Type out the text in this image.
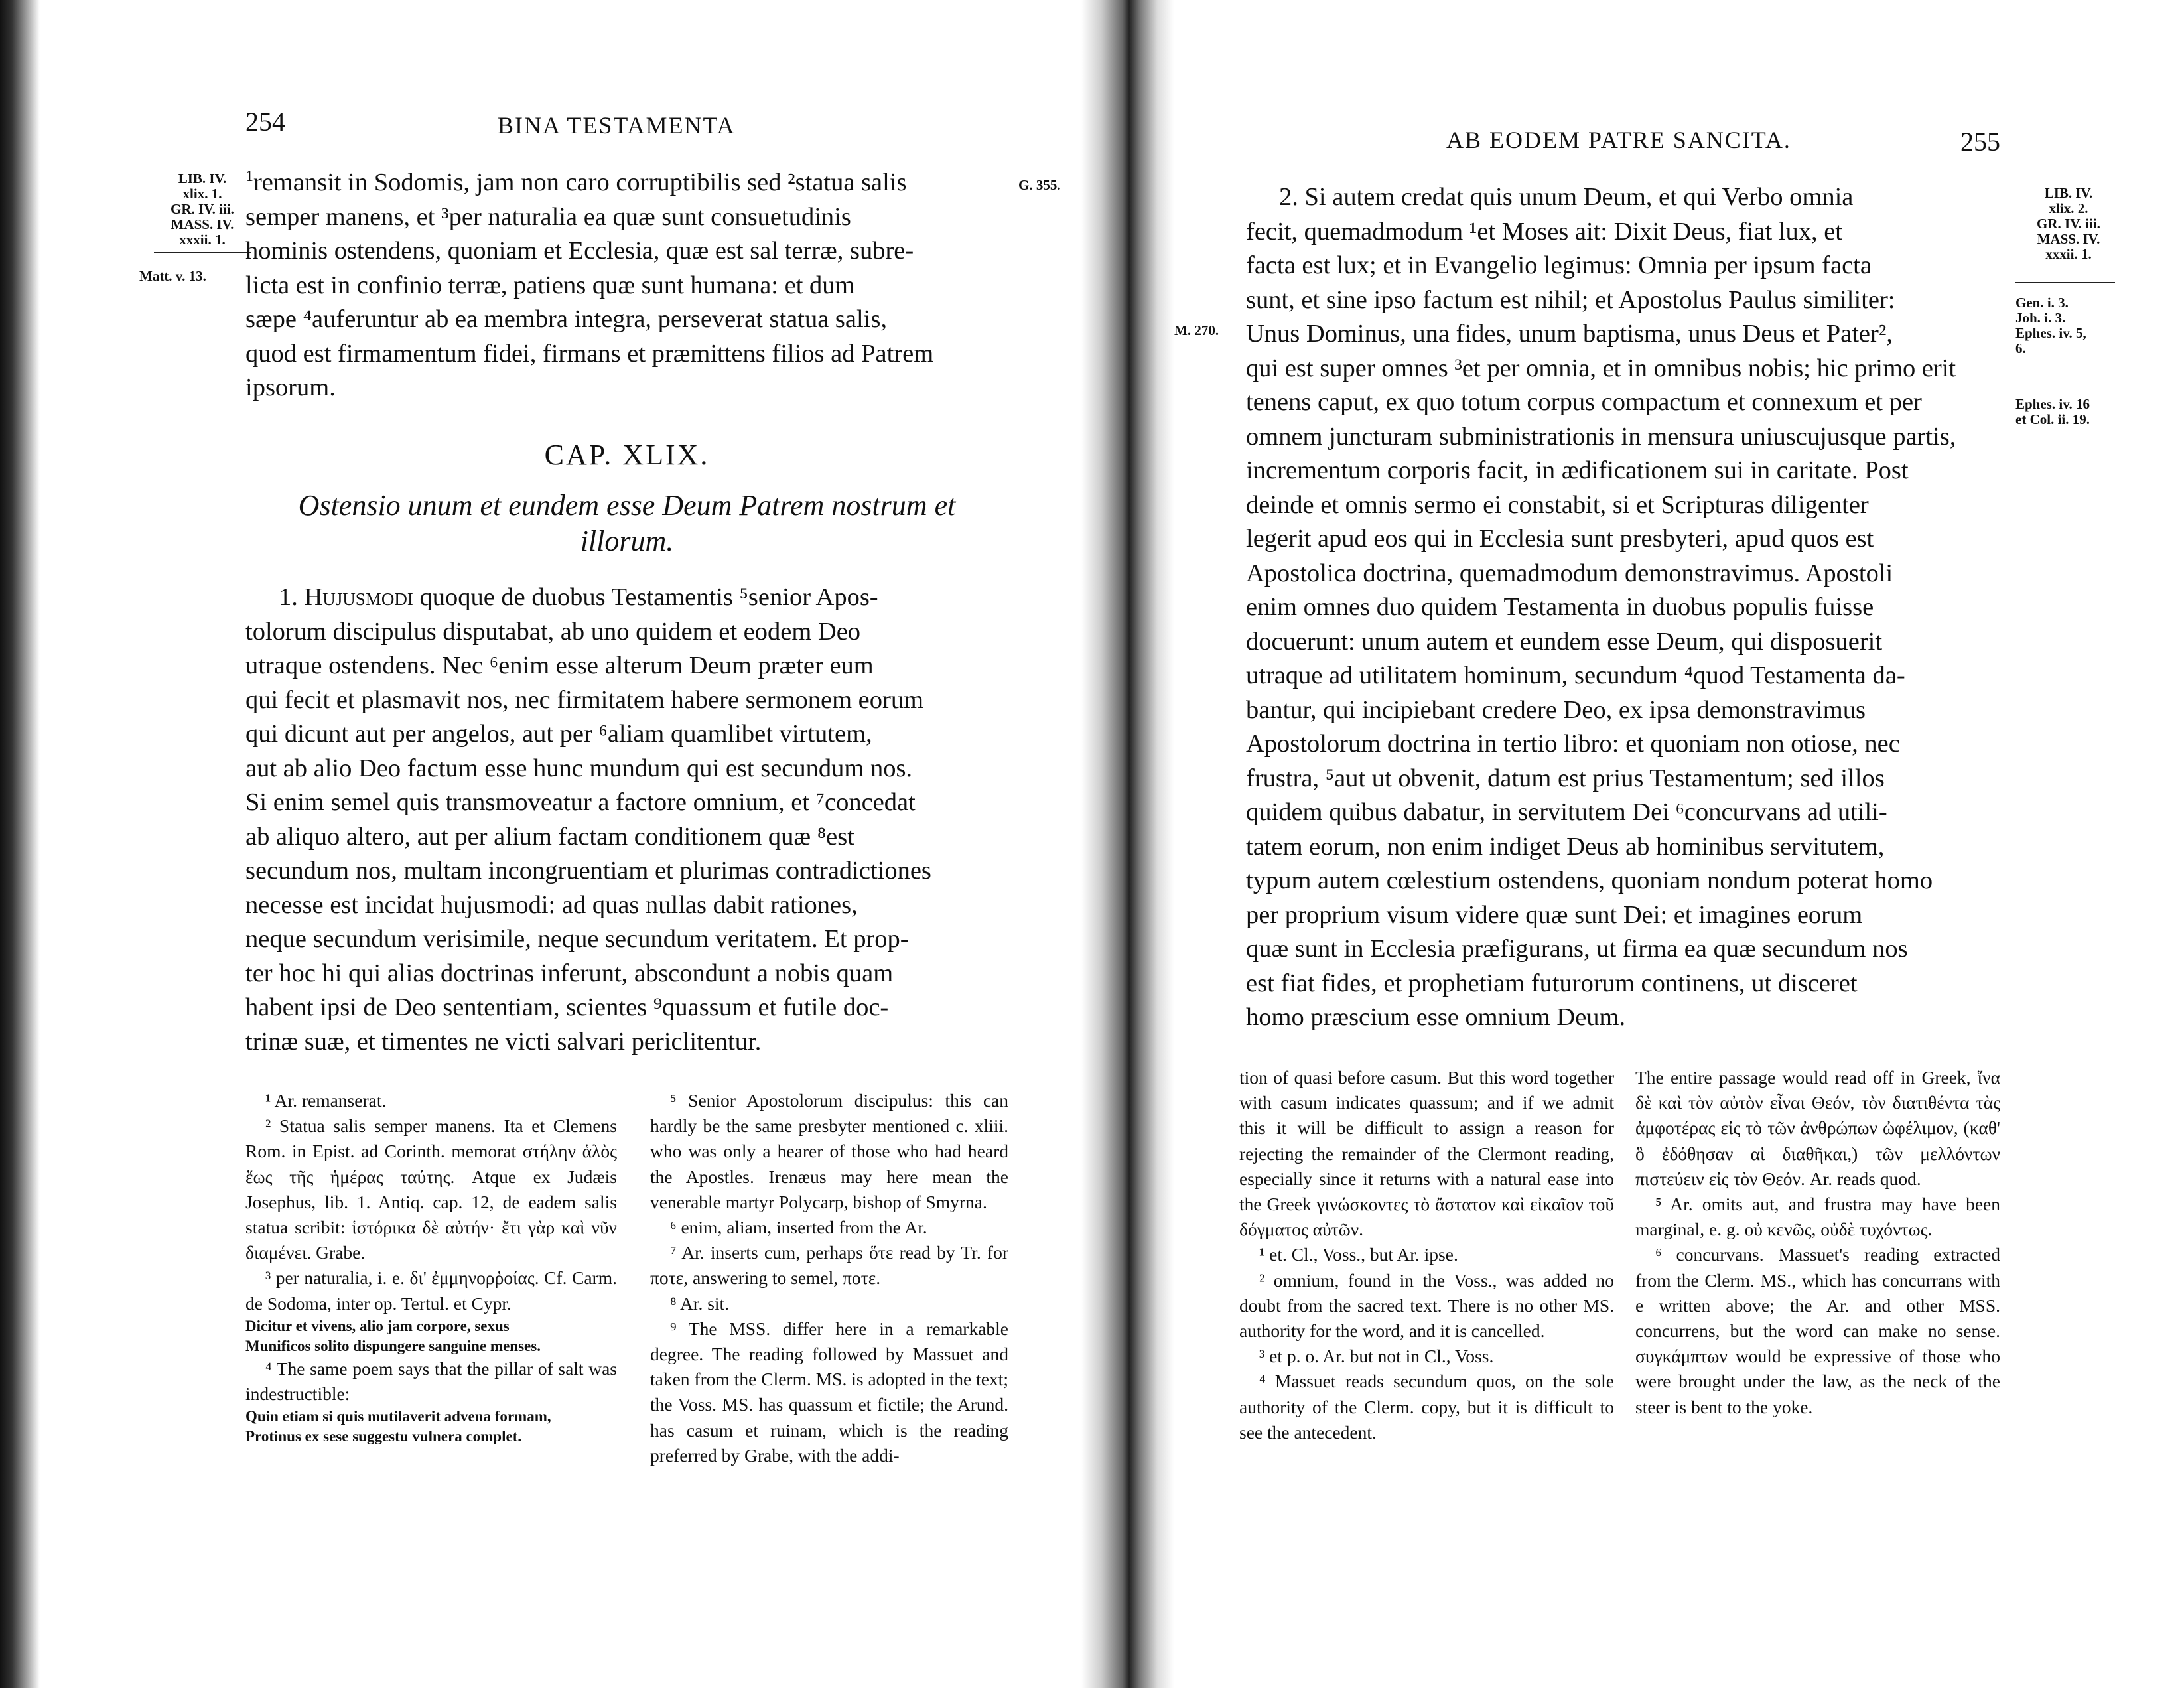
254	BINA TESTAMENTA
LIB. IV.
xlix. 1.
GR. IV. iii.
MASS. IV.
xxxii. 1.
Matt. v. 13.
G. 355.
$^1$remansit in Sodomis, jam non caro corruptibilis sed ²statua salis
semper manens, et ³per naturalia ea quæ sunt consuetudinis
hominis ostendens, quoniam et Ecclesia, quæ est sal terræ, subre-
licta est in confinio terræ, patiens quæ sunt humana: et dum
sæpe ⁴auferuntur ab ea membra integra, perseverat statua salis,
quod est firmamentum fidei, firmans et præmittens filios ad Patrem
ipsorum.
CAP. XLIX.
Ostensio unum et eundem esse Deum Patrem nostrum et
illorum.
1. Hujusmodi quoque de duobus Testamentis ⁵senior Apos-
tolorum discipulus disputabat, ab uno quidem et eodem Deo
utraque ostendens. Nec ⁶enim esse alterum Deum præter eum
qui fecit et plasmavit nos, nec firmitatem habere sermonem eorum
qui dicunt aut per angelos, aut per ⁶aliam quamlibet virtutem,
aut ab alio Deo factum esse hunc mundum qui est secundum nos.
Si enim semel quis transmoveatur a factore omnium, et ⁷concedat
ab aliquo altero, aut per alium factam conditionem quæ ⁸est
secundum nos, multam incongruentiam et plurimas contradictiones
necesse est incidat hujusmodi: ad quas nullas dabit rationes,
neque secundum verisimile, neque secundum veritatem. Et prop-
ter hoc hi qui alias doctrinas inferunt, abscondunt a nobis quam
habent ipsi de Deo sententiam, scientes ⁹quassum et futile doc-
trinæ suæ, et timentes ne victi salvari periclitentur.

¹ Ar. remanserat.

² Statua salis semper manens. Ita et Clemens Rom. in Epist. ad Corinth. memorat στήλην ἁλὸς ἕως τῆς ἡμέρας ταύτης. Atque ex Judæis Josephus, lib. 1. Antiq. cap. 12, de eadem salis statua scribit: ἱστόρικα δὲ αὐτήν· ἔτι γὰρ καὶ νῦν διαμένει. Grabe.

³ per naturalia, i. e. δι' ἐμμηνορῥοίας. Cf. Carm. de Sodoma, inter op. Tertul. et Cypr.

Dicitur et vivens, alio jam corpore, sexus
Munificos solito dispungere sanguine menses.

⁴ The same poem says that the pillar of salt was indestructible:

Quin etiam si quis mutilaverit advena formam,
Protinus ex sese suggestu vulnera complet.

⁵ Senior Apostolorum discipulus: this can hardly be the same presbyter mentioned c. xliii. who was only a hearer of those who had heard the Apostles. Irenæus may here mean the venerable martyr Polycarp, bishop of Smyrna.

⁶ enim, aliam, inserted from the Ar.

⁷ Ar. inserts cum, perhaps ὅτε read by Tr. for ποτε, answering to semel, ποτε.

⁸ Ar. sit.

⁹ The MSS. differ here in a remarkable degree. The reading followed by Massuet and taken from the Clerm. MS. is adopted in the text; the Voss. MS. has quassum et fictile; the Arund. has casum et ruinam, which is the reading preferred by Grabe, with the addi-

AB EODEM PATRE SANCITA.	255
LIB. IV.
xlix. 2.
GR. IV. iii.
MASS. IV.
xxxii. 1.
Gen. i. 3.
Joh. i. 3.
Ephes. iv. 5,
6.
Ephes. iv. 16
et Col. ii. 19.
M. 270.
2. Si autem credat quis unum Deum, et qui Verbo omnia
fecit, quemadmodum ¹et Moses ait: Dixit Deus, fiat lux, et
facta est lux; et in Evangelio legimus: Omnia per ipsum facta
sunt, et sine ipso factum est nihil; et Apostolus Paulus similiter:
Unus Dominus, una fides, unum baptisma, unus Deus et Pater²,
qui est super omnes ³et per omnia, et in omnibus nobis; hic primo erit
tenens caput, ex quo totum corpus compactum et connexum et per
omnem juncturam subministrationis in mensura uniuscujusque partis,
incrementum corporis facit, in ædificationem sui in caritate. Post
deinde et omnis sermo ei constabit, si et Scripturas diligenter
legerit apud eos qui in Ecclesia sunt presbyteri, apud quos est
Apostolica doctrina, quemadmodum demonstravimus. Apostoli
enim omnes duo quidem Testamenta in duobus populis fuisse
docuerunt: unum autem et eundem esse Deum, qui disposuerit
utraque ad utilitatem hominum, secundum ⁴quod Testamenta da-
bantur, qui incipiebant credere Deo, ex ipsa demonstravimus
Apostolorum doctrina in tertio libro: et quoniam non otiose, nec
frustra, ⁵aut ut obvenit, datum est prius Testamentum; sed illos
quidem quibus dabatur, in servitutem Dei ⁶concurvans ad utili-
tatem eorum, non enim indiget Deus ab hominibus servitutem,
typum autem cœlestium ostendens, quoniam nondum poterat homo
per proprium visum videre quæ sunt Dei: et imagines eorum
quæ sunt in Ecclesia præfigurans, ut firma ea quæ secundum nos
est fiat fides, et prophetiam futurorum continens, ut disceret
homo præscium esse omnium Deum.

tion of quasi before casum. But this word together with casum indicates quassum; and if we admit this it will be difficult to assign a reason for rejecting the remainder of the Clermont reading, especially since it returns with a natural ease into the Greek γινώσκοντες τὸ ἄστατον καὶ εἰκαῖον τοῦ δόγματος αὐτῶν.

¹ et. Cl., Voss., but Ar. ipse.

² omnium, found in the Voss., was added no doubt from the sacred text. There is no other MS. authority for the word, and it is cancelled.

³ et p. o. Ar. but not in Cl., Voss.

⁴ Massuet reads secundum quos, on the sole authority of the Clerm. copy, but it is difficult to see the antecedent.

The entire passage would read off in Greek, ἵνα δὲ καὶ τὸν αὐτὸν εἶναι Θεόν, τὸν διατιθέντα τὰς ἀμφοτέρας εἰς τὸ τῶν ἀνθρώπων ὠφέλιμον, (καθ' ὃ ἐδόθησαν αἱ διαθῆκαι,) τῶν μελλόντων πιστεύειν εἰς τὸν Θεόν. Ar. reads quod.

⁵ Ar. omits aut, and frustra may have been marginal, e. g. οὐ κενῶς, οὐδὲ τυχόντως.

⁶ concurvans. Massuet's reading extracted from the Clerm. MS., which has concurrans with e written above; the Ar. and other MSS. concurrens, but the word can make no sense. συγκάμπτων would be expressive of those who were brought under the law, as the neck of the steer is bent to the yoke.
